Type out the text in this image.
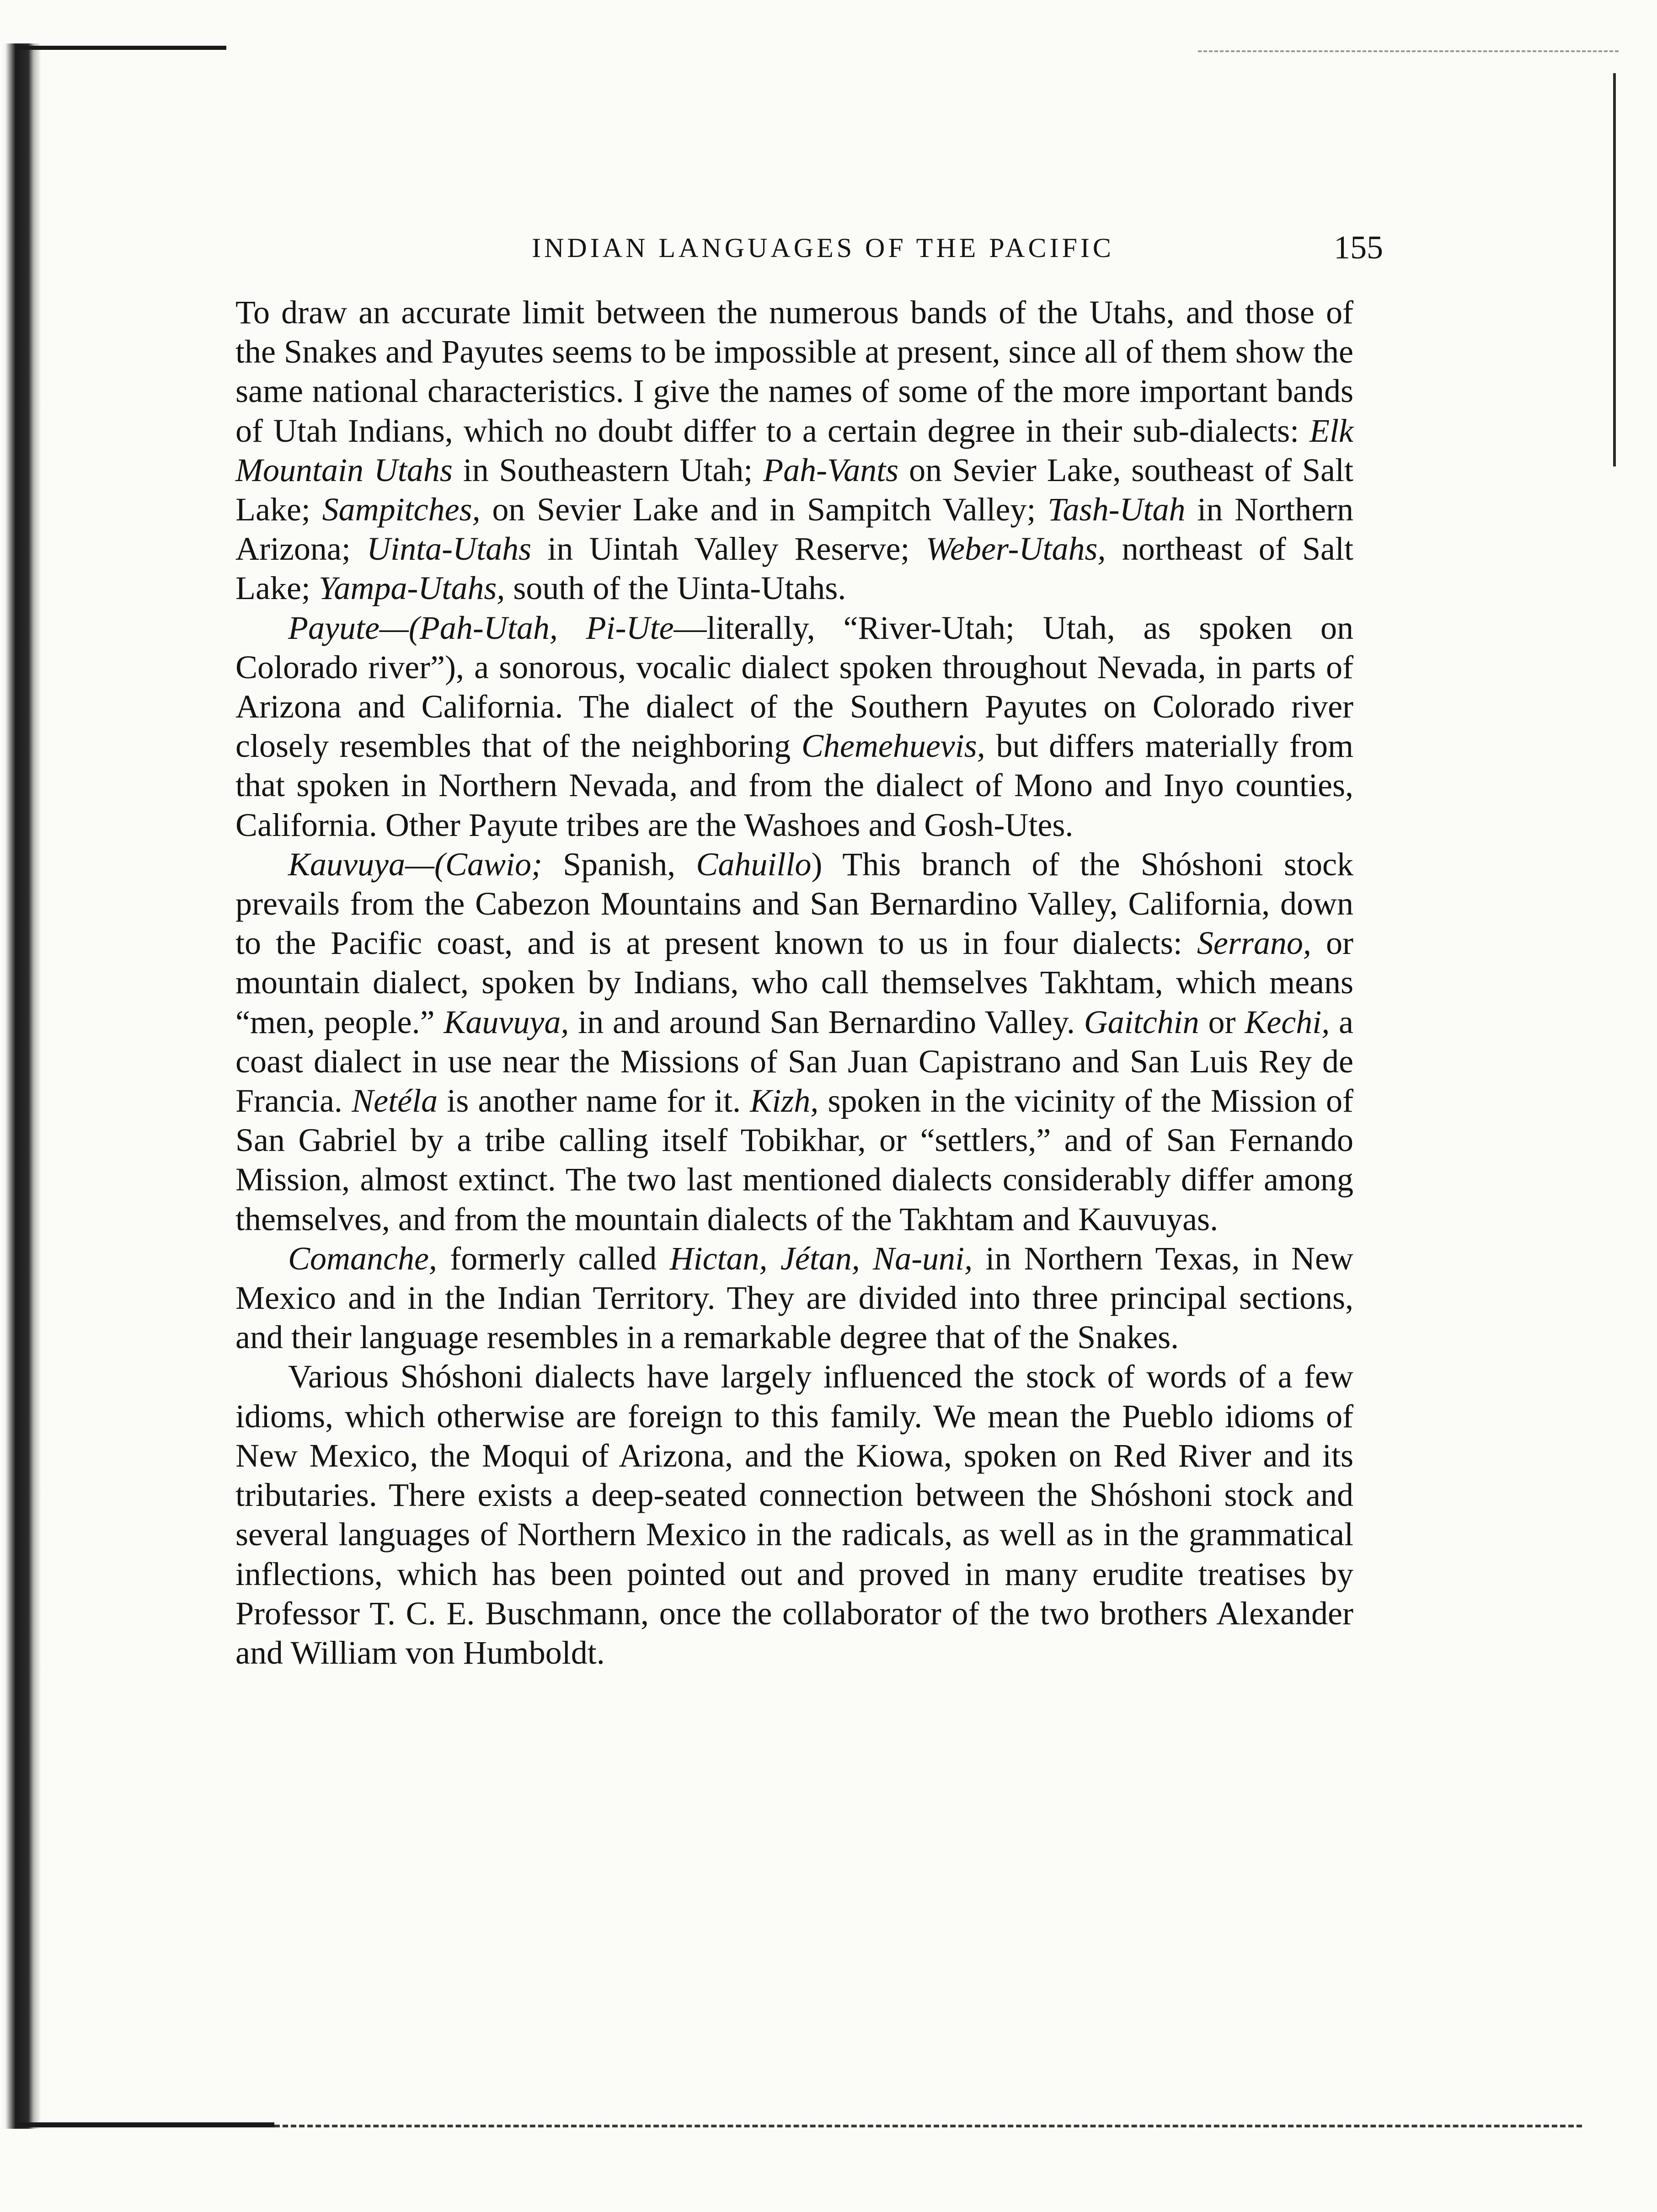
INDIAN LANGUAGES OF THE PACIFIC	155

To draw an accurate limit between the numerous bands of the Utahs, and those of the Snakes and Payutes seems to be impossible at present, since all of them show the same national characteristics. I give the names of some of the more important bands of Utah Indians, which no doubt differ to a certain degree in their sub-dialects: Elk Mountain Utahs in Southeastern Utah; Pah-Vants on Sevier Lake, southeast of Salt Lake; Sampitches, on Sevier Lake and in Sampitch Valley; Tash-Utah in Northern Arizona; Uinta-Utahs in Uintah Valley Reserve; Weber-Utahs, northeast of Salt Lake; Yampa-Utahs, south of the Uinta-Utahs.

Payute—(Pah-Utah, Pi-Ute—literally, “River-Utah; Utah, as spoken on Colorado river”), a sonorous, vocalic dialect spoken throughout Nevada, in parts of Arizona and California. The dialect of the Southern Payutes on Colorado river closely resembles that of the neighboring Chemehuevis, but differs materially from that spoken in Northern Nevada, and from the dialect of Mono and Inyo counties, California. Other Payute tribes are the Washoes and Gosh-Utes.

Kauvuya—(Cawio; Spanish, Cahuillo) This branch of the Shóshoni stock prevails from the Cabezon Mountains and San Bernardino Valley, California, down to the Pacific coast, and is at present known to us in four dialects: Serrano, or mountain dialect, spoken by Indians, who call themselves Takhtam, which means “men, people.” Kauvuya, in and around San Bernardino Valley. Gaitchin or Kechi, a coast dialect in use near the Missions of San Juan Capistrano and San Luis Rey de Francia. Netéla is another name for it. Kizh, spoken in the vicinity of the Mission of San Gabriel by a tribe calling itself Tobikhar, or “settlers,” and of San Fernando Mission, almost extinct. The two last mentioned dialects considerably differ among themselves, and from the mountain dialects of the Takhtam and Kauvuyas.

Comanche, formerly called Hictan, Jétan, Na-uni, in Northern Texas, in New Mexico and in the Indian Territory. They are divided into three principal sections, and their language resembles in a remarkable degree that of the Snakes.

Various Shóshoni dialects have largely influenced the stock of words of a few idioms, which otherwise are foreign to this family. We mean the Pueblo idioms of New Mexico, the Moqui of Arizona, and the Kiowa, spoken on Red River and its tributaries. There exists a deep-seated connection between the Shóshoni stock and several languages of Northern Mexico in the radicals, as well as in the grammatical inflections, which has been pointed out and proved in many erudite treatises by Professor T. C. E. Buschmann, once the collaborator of the two brothers Alexander and William von Humboldt.
